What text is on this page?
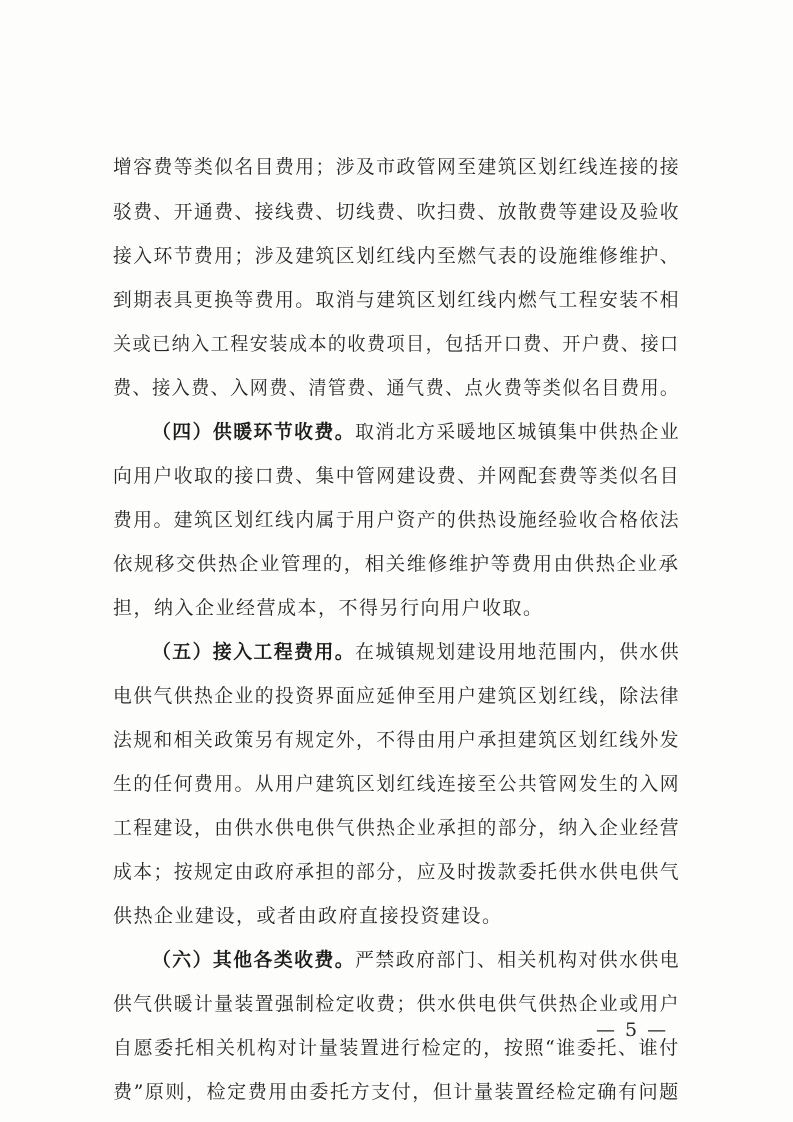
增容费等类似名目费用；涉及市政管网至建筑区划红线连接的接
驳费、开通费、接线费、切线费、吹扫费、放散费等建设及验收
接入环节费用；涉及建筑区划红线内至燃气表的设施维修维护、
到期表具更换等费用。取消与建筑区划红线内燃气工程安装不相
关或已纳入工程安装成本的收费项目，包括开口费、开户费、接口
费、接入费、入网费、清管费、通气费、点火费等类似名目费用。
（四）供暖环节收费。取消北方采暖地区城镇集中供热企业
向用户收取的接口费、集中管网建设费、并网配套费等类似名目
费用。建筑区划红线内属于用户资产的供热设施经验收合格依法
依规移交供热企业管理的，相关维修维护等费用由供热企业承
担，纳入企业经营成本，不得另行向用户收取。
（五）接入工程费用。在城镇规划建设用地范围内，供水供
电供气供热企业的投资界面应延伸至用户建筑区划红线，除法律
法规和相关政策另有规定外，不得由用户承担建筑区划红线外发
生的任何费用。从用户建筑区划红线连接至公共管网发生的入网
工程建设，由供水供电供气供热企业承担的部分，纳入企业经营
成本；按规定由政府承担的部分，应及时拨款委托供水供电供气
供热企业建设，或者由政府直接投资建设。
（六）其他各类收费。严禁政府部门、相关机构对供水供电
供气供暖计量装置强制检定收费；供水供电供气供热企业或用户
自愿委托相关机构对计量装置进行检定的，按照“谁委托、谁付
费”原则，检定费用由委托方支付，但计量装置经检定确有问题
— 5 —
